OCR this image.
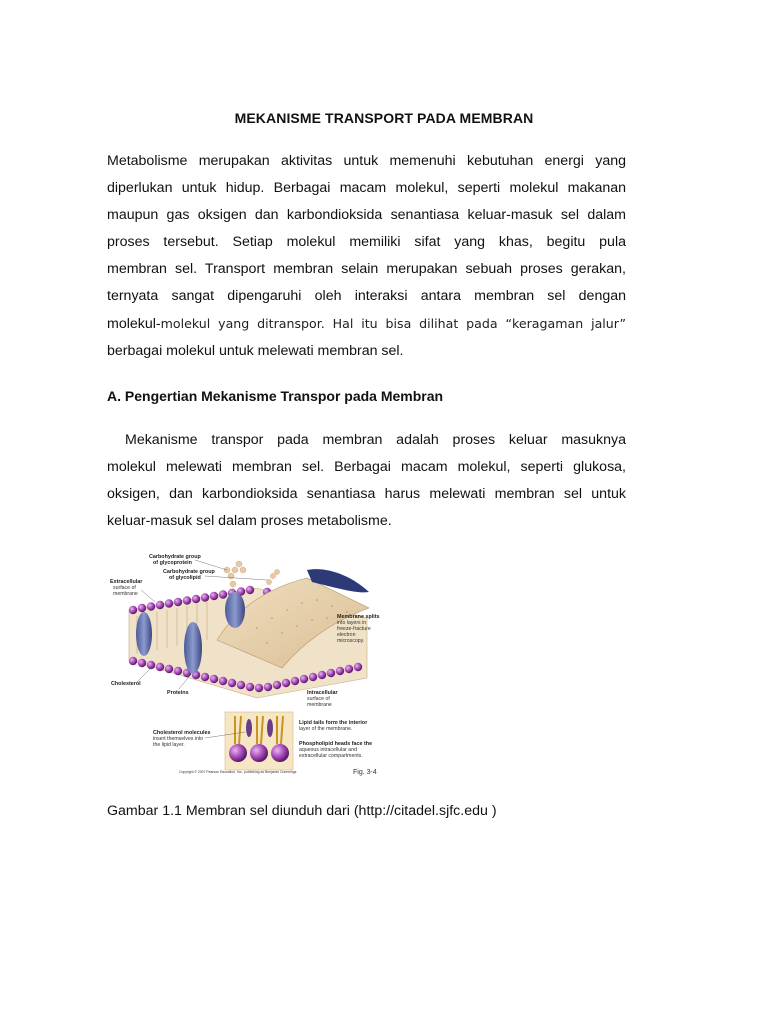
MEKANISME TRANSPORT PADA MEMBRAN
Metabolisme merupakan aktivitas untuk memenuhi kebutuhan energi yang
diperlukan untuk hidup. Berbagai macam molekul, seperti molekul makanan
maupun gas oksigen dan karbondioksida senantiasa keluar-masuk sel dalam
proses tersebut. Setiap molekul memiliki sifat yang khas, begitu pula
membran sel. Transport membran selain merupakan sebuah proses gerakan,
ternyata sangat dipengaruhi oleh interaksi antara membran sel dengan
molekul-molekul yang ditranspor. Hal itu bisa dilihat pada “keragaman jalur”
berbagai molekul untuk melewati membran sel.
A. Pengertian Mekanisme Transpor pada Membran
Mekanisme transpor pada membran adalah proses keluar masuknya
molekul melewati membran sel. Berbagai macam molekul, seperti glukosa,
oksigen, dan karbondioksida senantiasa harus melewati membran sel untuk
keluar-masuk sel dalam proses metabolisme.
Carbohydrate group
of glycoprotein
Carbohydrate group
of glycolipid
Extracellular
surface of
membrane
Membrane splits
into layers in
freeze-fracture
electron
microscopy.
Cholesterol
Proteins	Intracellular
surface of
membrane
Cholesterol molecules
insert themselves into
the lipid layer.
Lipid tails form the interior
layer of the membrane.
Phospholipid heads face the
aqueous intracellular and
extracellular compartments.
Copyright © 2007 Pearson Education, Inc., publishing as Benjamin Cummings.	Fig. 3-4
Gambar 1.1 Membran sel diunduh dari (http://citadel.sjfc.edu )
